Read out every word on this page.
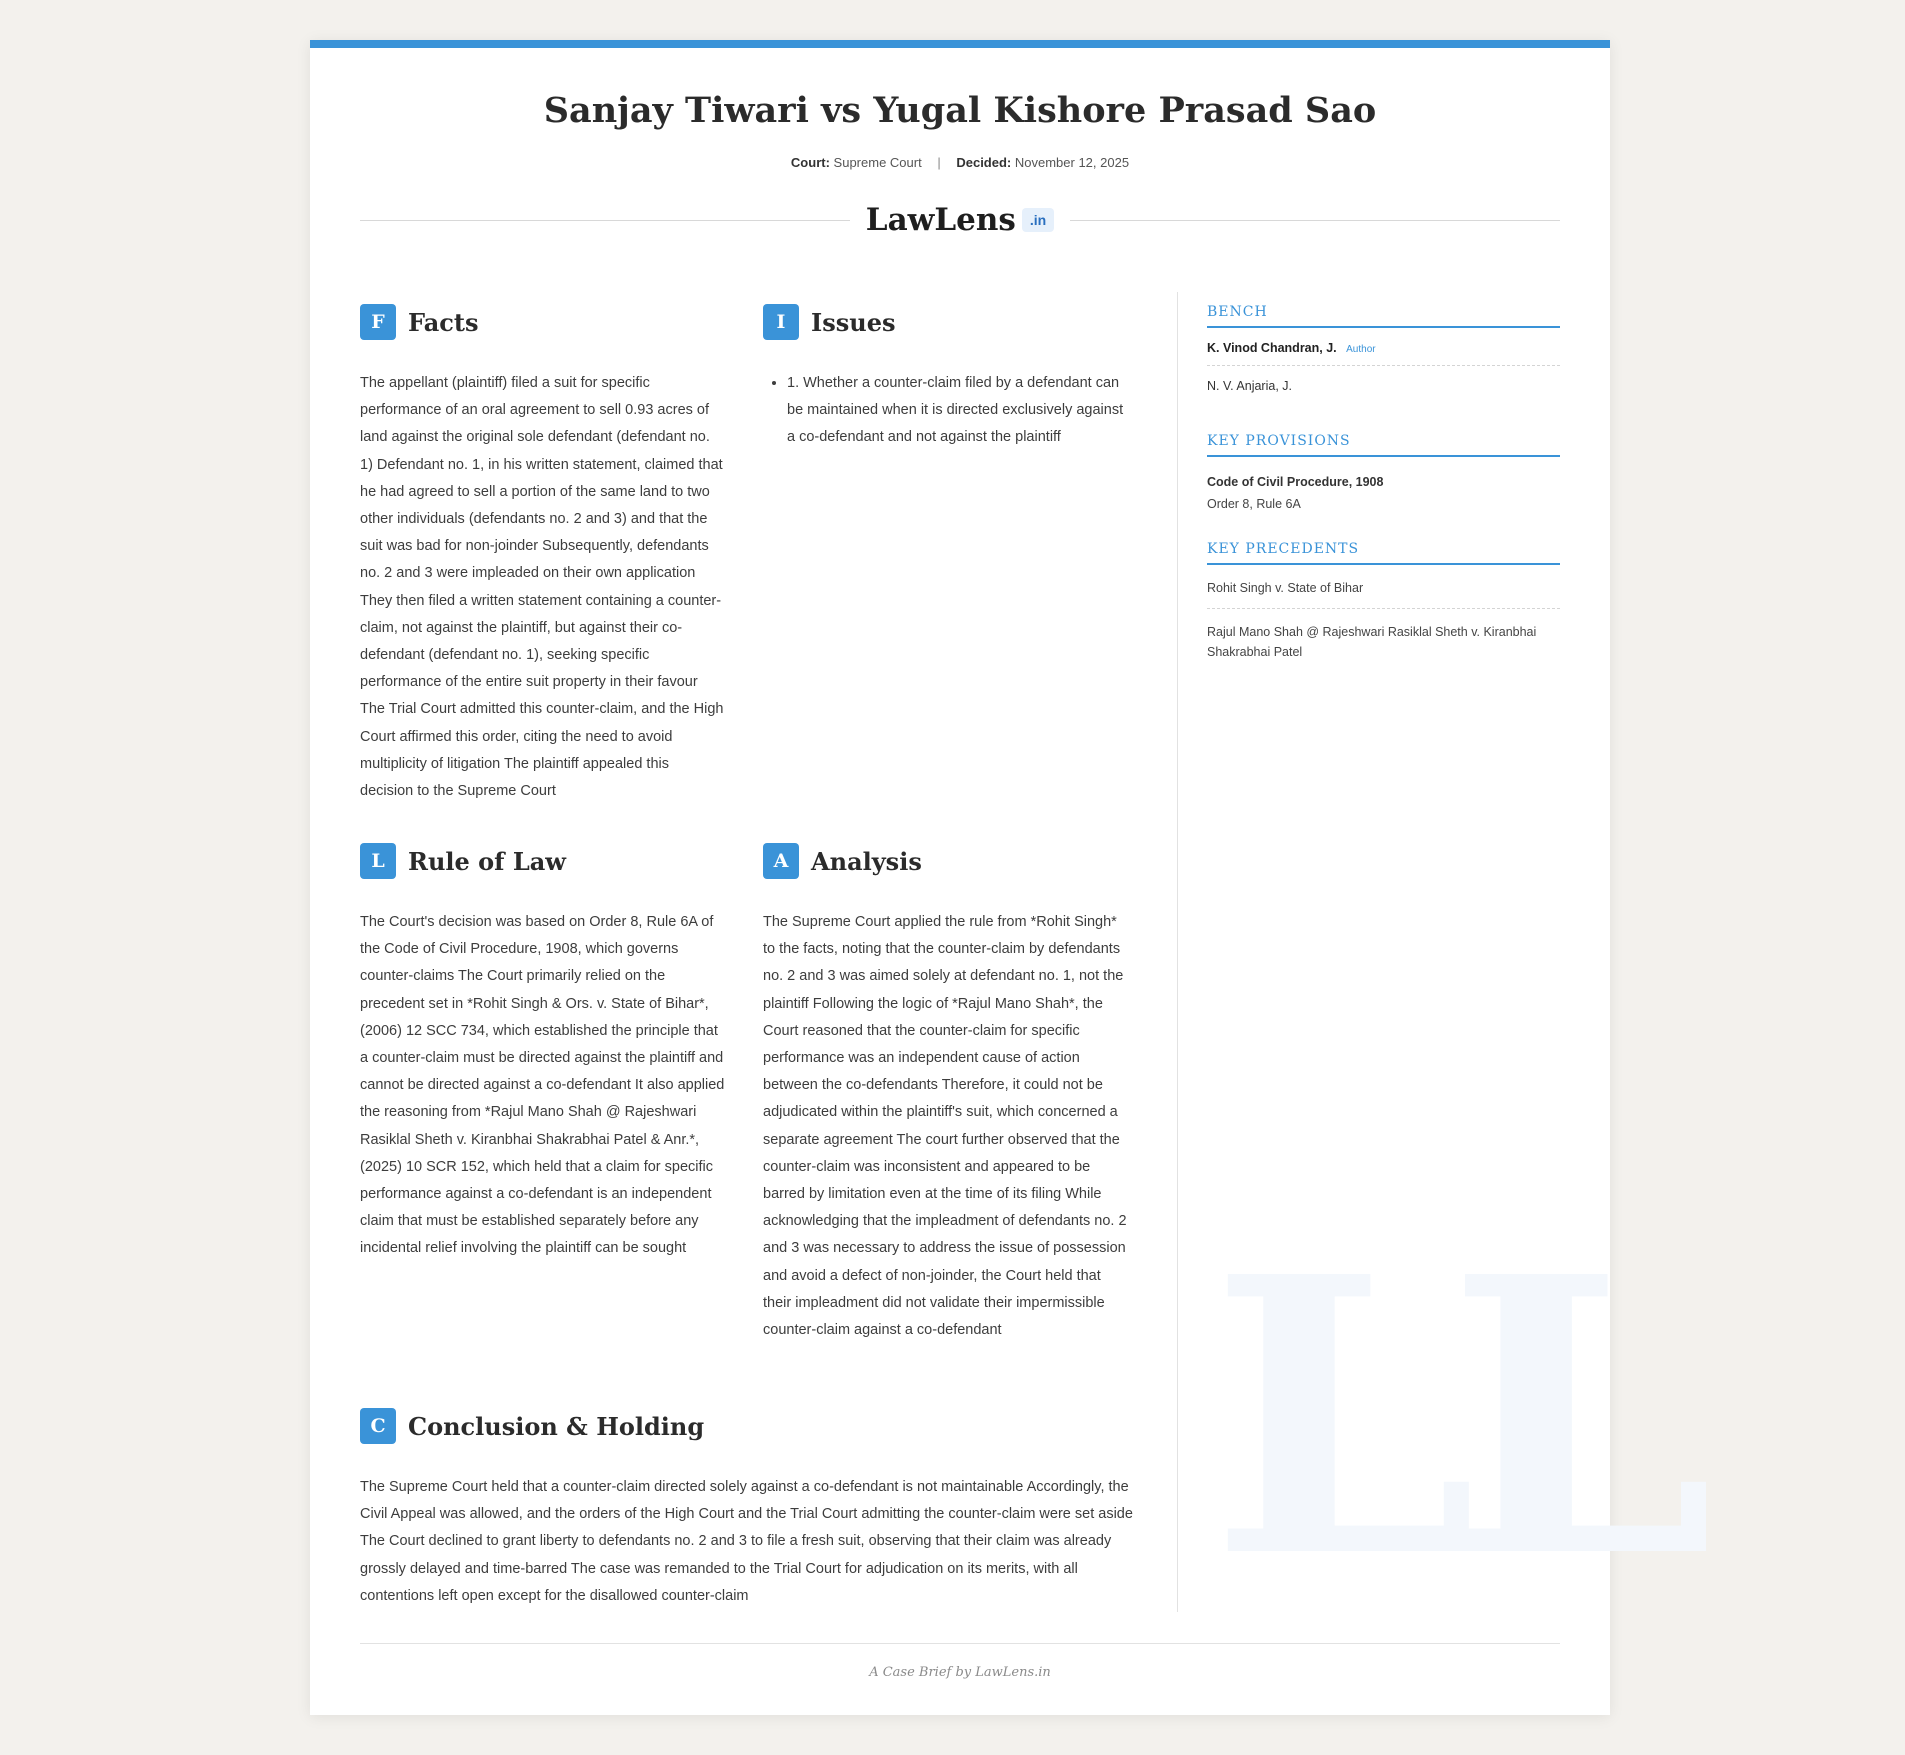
Sanjay Tiwari vs Yugal Kishore Prasad Sao
Court: Supreme Court | Decided: November 12, 2025
LawLens	.in
LL
F Facts

The appellant (plaintiff) filed a suit for specific performance of an oral agreement to sell 0.93 acres of land against the original sole defendant (defendant no. 1) Defendant no. 1, in his written statement, claimed that he had agreed to sell a portion of the same land to two other individuals (defendants no. 2 and 3) and that the suit was bad for non-joinder Subsequently, defendants no. 2 and 3 were impleaded on their own application They then filed a written statement containing a counter-claim, not against the plaintiff, but against their co-defendant (defendant no. 1), seeking specific performance of the entire suit property in their favour The Trial Court admitted this counter-claim, and the High Court affirmed this order, citing the need to avoid multiplicity of litigation The plaintiff appealed this decision to the Supreme Court

I	Issues
• 1. Whether a counter-claim filed by a defendant can be maintained when it is directed exclusively against a co-defendant and not against the plaintiff
L Rule of Law

The Court's decision was based on Order 8, Rule 6A of the Code of Civil Procedure, 1908, which governs counter-claims The Court primarily relied on the precedent set in *Rohit Singh & Ors. v. State of Bihar*, (2006) 12 SCC 734, which established the principle that a counter-claim must be directed against the plaintiff and cannot be directed against a co-defendant It also applied the reasoning from *Rajul Mano Shah @ Rajeshwari Rasiklal Sheth v. Kiranbhai Shakrabhai Patel & Anr.*, (2025) 10 SCR 152, which held that a claim for specific performance against a co-defendant is an independent claim that must be established separately before any incidental relief involving the plaintiff can be sought

A Analysis

The Supreme Court applied the rule from *Rohit Singh* to the facts, noting that the counter-claim by defendants no. 2 and 3 was aimed solely at defendant no. 1, not the plaintiff Following the logic of *Rajul Mano Shah*, the Court reasoned that the counter-claim for specific performance was an independent cause of action between the co-defendants Therefore, it could not be adjudicated within the plaintiff's suit, which concerned a separate agreement The court further observed that the counter-claim was inconsistent and appeared to be barred by limitation even at the time of its filing While acknowledging that the impleadment of defendants no. 2 and 3 was necessary to address the issue of possession and avoid a defect of non-joinder, the Court held that their impleadment did not validate their impermissible counter-claim against a co-defendant

C Conclusion & Holding

The Supreme Court held that a counter-claim directed solely against a co-defendant is not maintainable Accordingly, the Civil Appeal was allowed, and the orders of the High Court and the Trial Court admitting the counter-claim were set aside The Court declined to grant liberty to defendants no. 2 and 3 to file a fresh suit, observing that their claim was already grossly delayed and time-barred The case was remanded to the Trial Court for adjudication on its merits, with all contentions left open except for the disallowed counter-claim

BENCH
K. Vinod Chandran, J. Author
N. V. Anjaria, J.
KEY PROVISIONS
Code of Civil Procedure, 1908
Order 8, Rule 6A
KEY PRECEDENTS
Rohit Singh v. State of Bihar
Rajul Mano Shah @ Rajeshwari Rasiklal Sheth v. Kiranbhai Shakrabhai Patel
A Case Brief by LawLens.in
